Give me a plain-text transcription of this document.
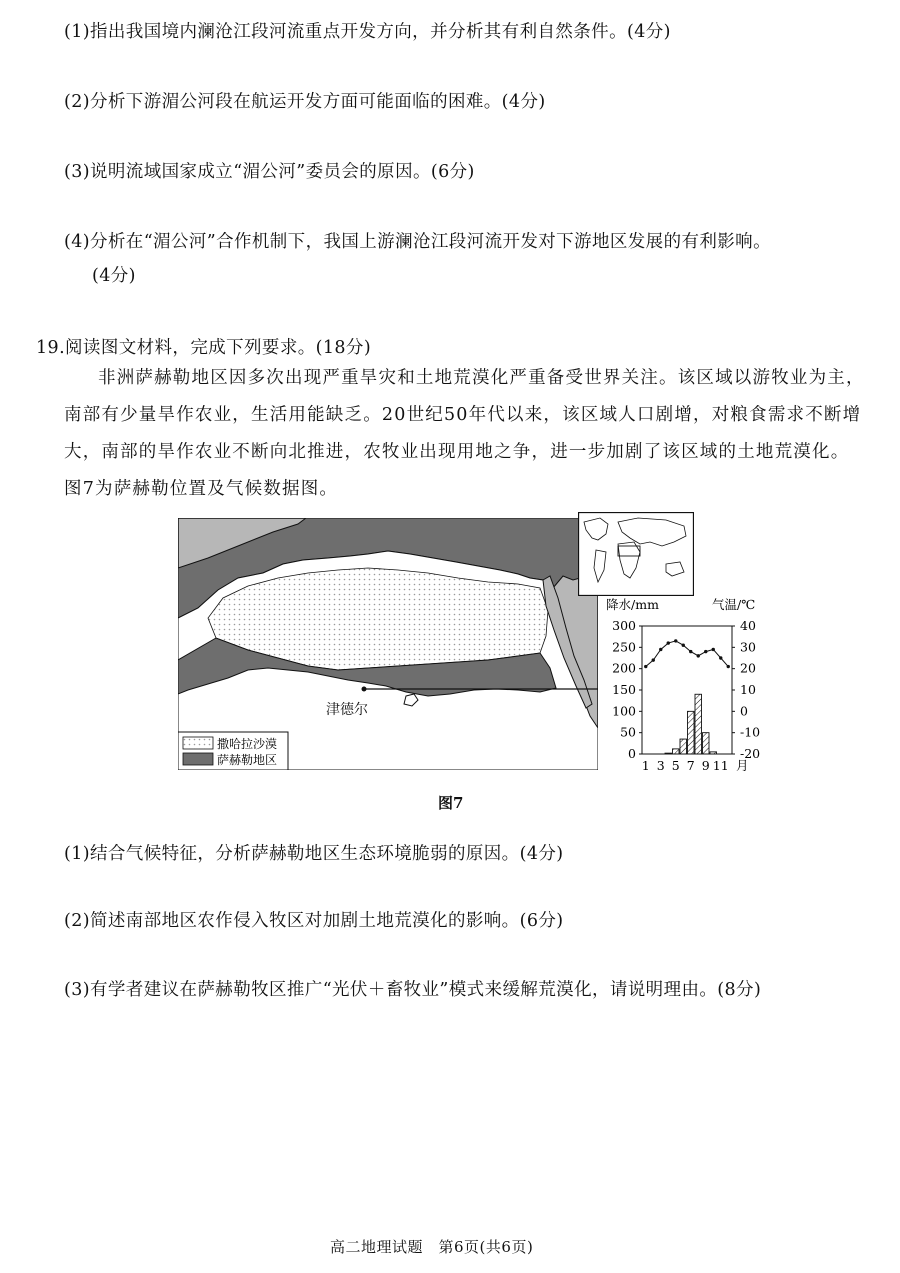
(1)指出我国境内澜沧江段河流重点开发方向，并分析其有利自然条件。(4分)
(2)分析下游湄公河段在航运开发方面可能面临的困难。(4分)
(3)说明流域国家成立“湄公河”委员会的原因。(6分)
(4)分析在“湄公河”合作机制下，我国上游澜沧江段河流开发对下游地区发展的有利影响。
(4分)
19.阅读图文材料，完成下列要求。(18分)
非洲萨赫勒地区因多次出现严重旱灾和土地荒漠化严重备受世界关注。该区域以游牧业为主，南部有少量旱作农业，生活用能缺乏。20世纪50年代以来，该区域人口剧增，对粮食需求不断增大，南部的旱作农业不断向北推进，农牧业出现用地之争，进一步加剧了该区域的土地荒漠化。图7为萨赫勒位置及气候数据图。
津德尔
撒哈拉沙漠
萨赫勒地区
降水/mm	气温/℃
300
250
200
150
100
50
0
40
30
20
10
0
-10
-20
1 3 5 7 9 11 月
图7
(1)结合气候特征，分析萨赫勒地区生态环境脆弱的原因。(4分)
(2)简述南部地区农作侵入牧区对加剧土地荒漠化的影响。(6分)
(3)有学者建议在萨赫勒牧区推广“光伏＋畜牧业”模式来缓解荒漠化，请说明理由。(8分)
高二地理试题　第6页(共6页)
